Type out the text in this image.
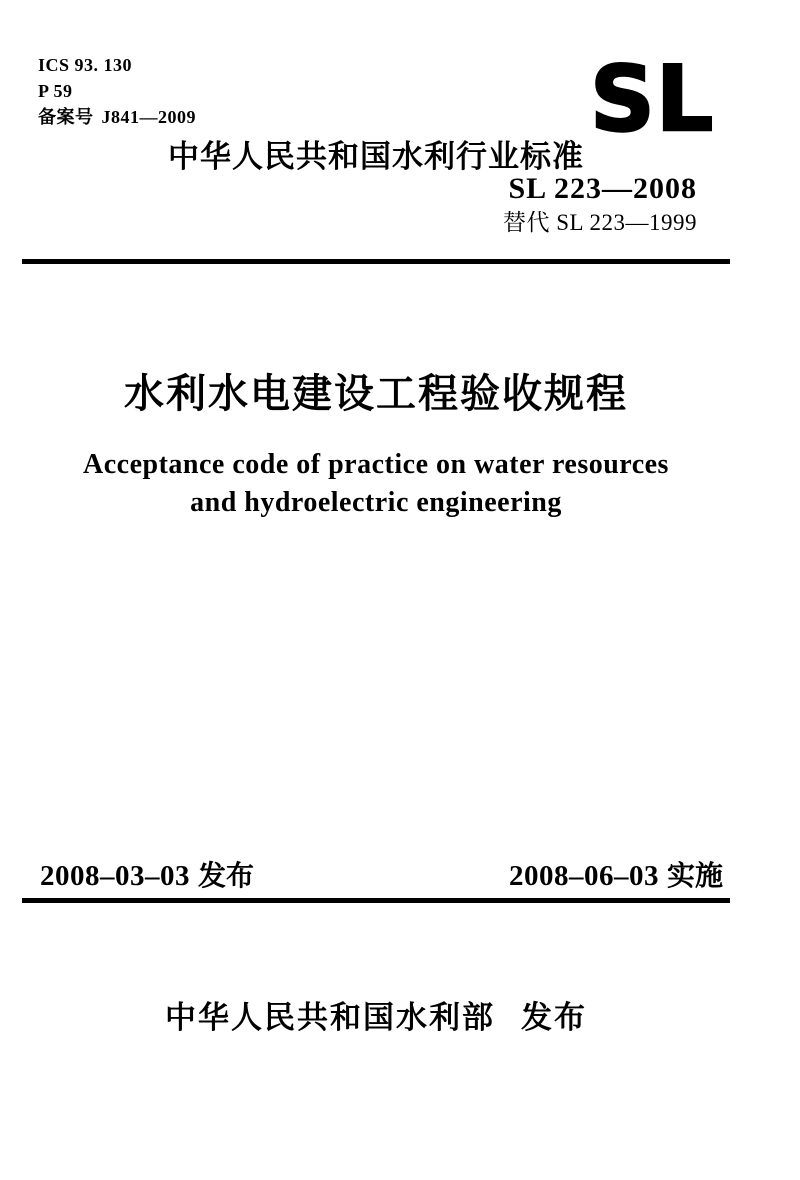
ICS 93. 130
P 59
备案号 J841—2009	SL
中华人民共和国水利行业标准
SL 223—2008
替代 SL 223—1999
水利水电建设工程验收规程
Acceptance code of practice on water resources
and hydroelectric engineering
2008–03–03 发布	2008–06–03 实施
中华人民共和国水利部 发布
